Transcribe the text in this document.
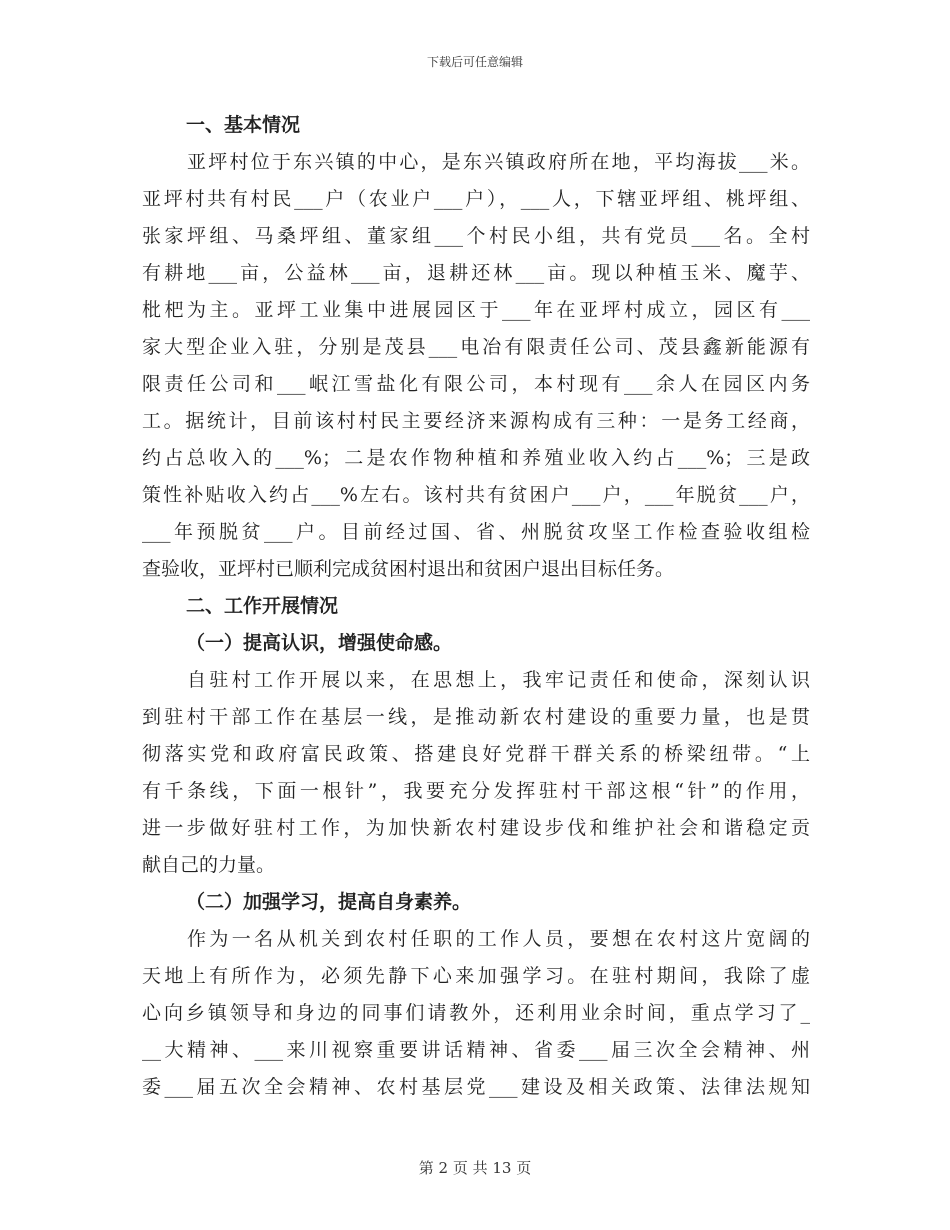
下载后可任意编辑

一、基本情况

亚坪村位于东兴镇的中心，是东兴镇政府所在地，平均海拔___米。
亚坪村共有村民___户（农业户___户），___人，下辖亚坪组、桃坪组、
张家坪组、马桑坪组、董家组___个村民小组，共有党员___名。全村
有耕地___亩，公益林___亩，退耕还林___亩。现以种植玉米、魔芋、
枇杷为主。亚坪工业集中进展园区于___年在亚坪村成立，园区有___
家大型企业入驻，分别是茂县___电冶有限责任公司、茂县鑫新能源有
限责任公司和___岷江雪盐化有限公司，本村现有___余人在园区内务
工。据统计，目前该村村民主要经济来源构成有三种：一是务工经商，
约占总收入的___%；二是农作物种植和养殖业收入约占___%；三是政
策性补贴收入约占___%左右。该村共有贫困户___户，___年脱贫___户，
___年预脱贫___户。目前经过国、省、州脱贫攻坚工作检查验收组检
查验收，亚坪村已顺利完成贫困村退出和贫困户退出目标任务。

二、工作开展情况

（一）提高认识，增强使命感。

自驻村工作开展以来，在思想上，我牢记责任和使命，深刻认识
到驻村干部工作在基层一线，是推动新农村建设的重要力量，也是贯
彻落实党和政府富民政策、搭建良好党群干群关系的桥梁纽带。“上
有千条线，下面一根针”，我要充分发挥驻村干部这根“针”的作用，
进一步做好驻村工作，为加快新农村建设步伐和维护社会和谐稳定贡
献自己的力量。

（二）加强学习，提高自身素养。

作为一名从机关到农村任职的工作人员，要想在农村这片宽阔的
天地上有所作为，必须先静下心来加强学习。在驻村期间，我除了虚
心向乡镇领导和身边的同事们请教外，还利用业余时间，重点学习了_
__大精神、___来川视察重要讲话精神、省委___届三次全会精神、州
委___届五次全会精神、农村基层党___建设及相关政策、法律法规知
第 2 页 共 13 页
